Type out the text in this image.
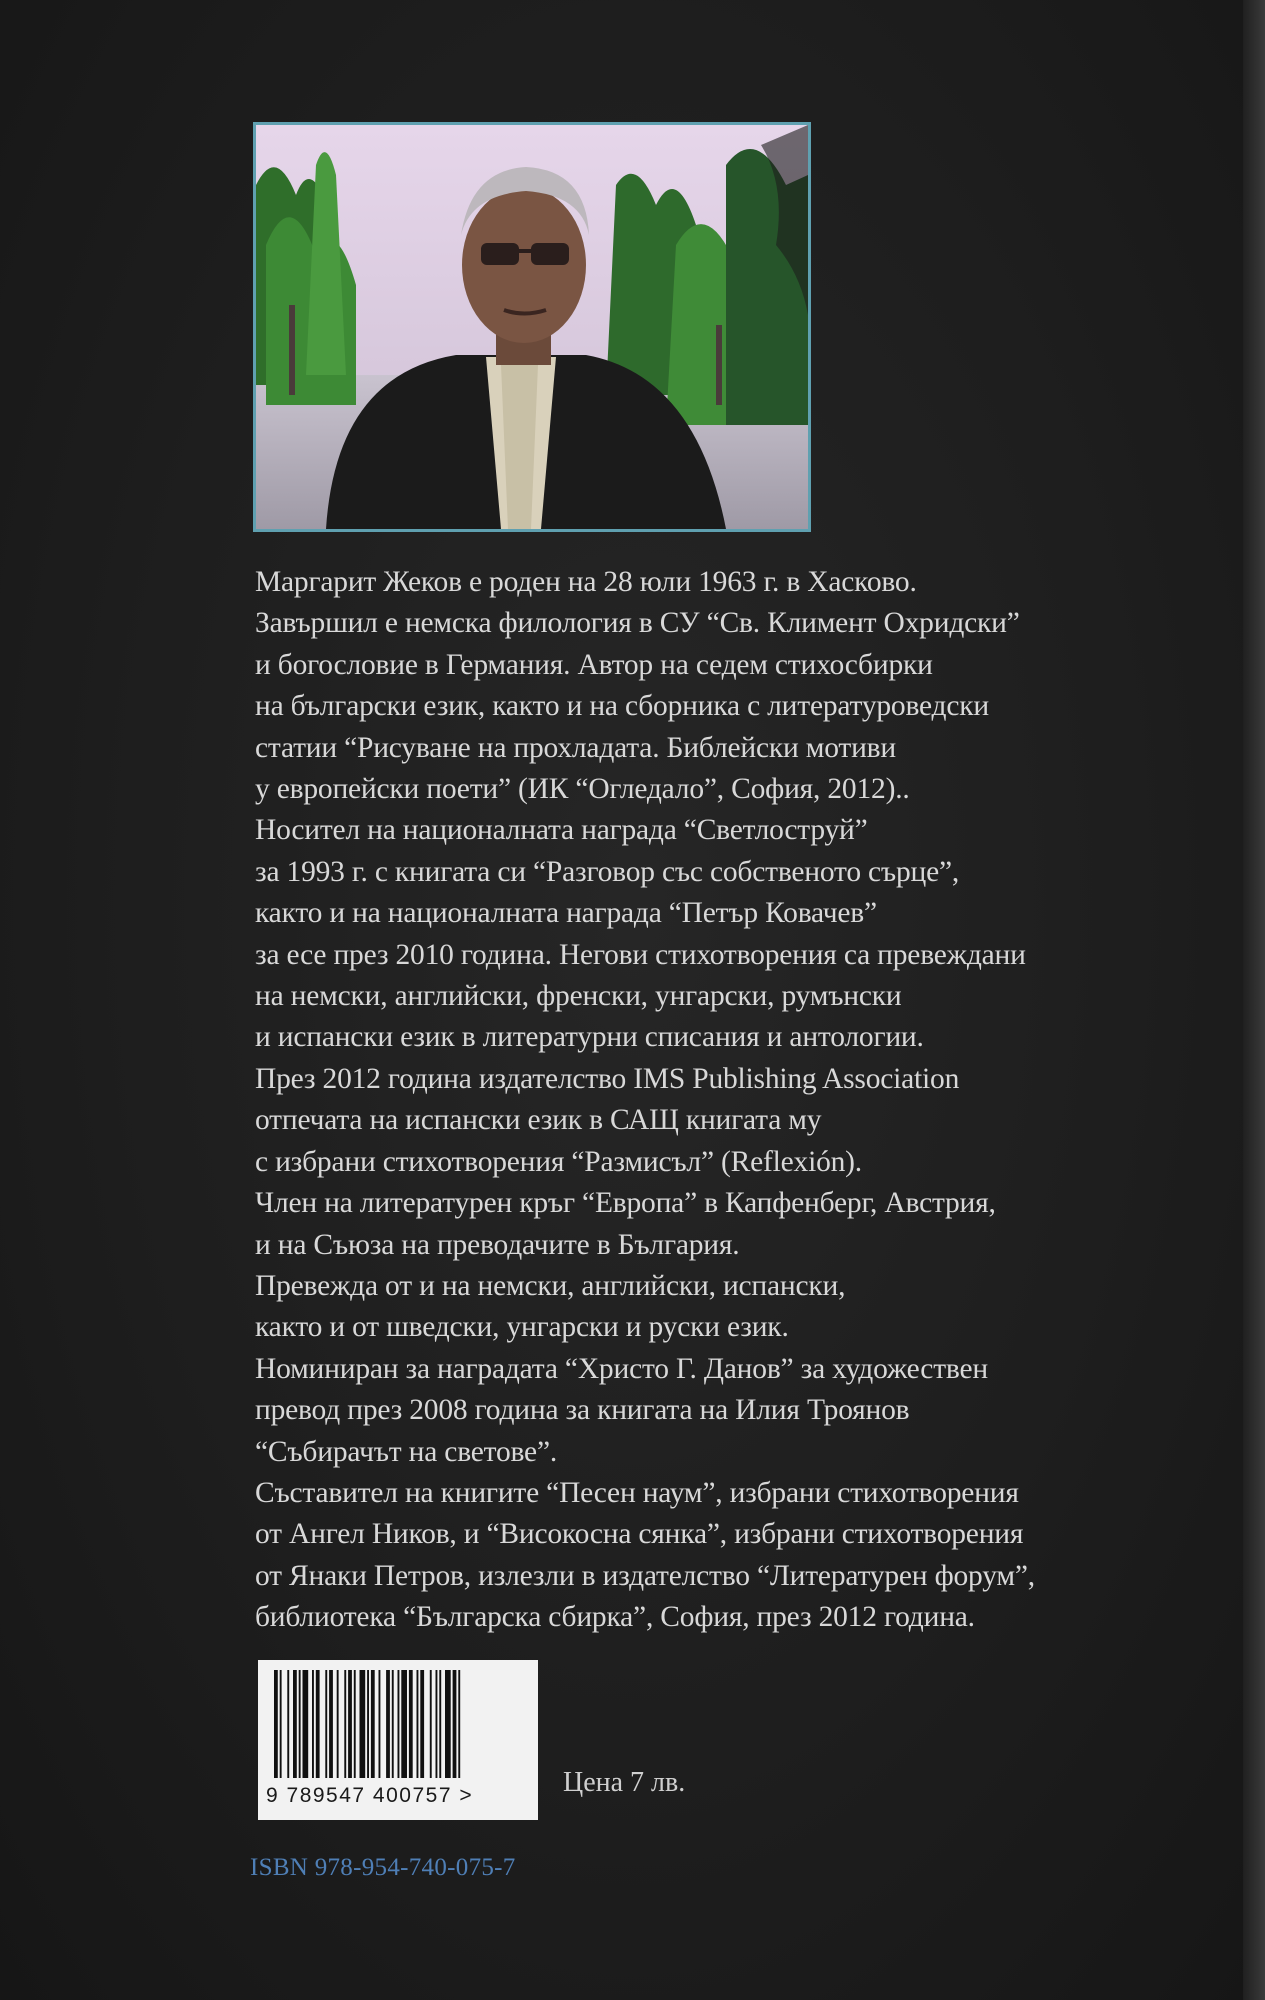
Маргарит Жеков е роден на 28 юли 1963 г. в Хасково.
Завършил е немска филология в СУ “Св. Климент Охридски”
и богословие в Германия. Автор на седем стихосбирки
на български език, както и на сборника с литературоведски
статии “Рисуване на прохладата. Библейски мотиви
у европейски поети” (ИК “Огледало”, София, 2012)..
Носител на националната награда “Светлоструй”
за 1993 г. с книгата си “Разговор със собственото сърце”,
както и на националната награда “Петър Ковачев”
за есе през 2010 година. Негови стихотворения са превеждани
на немски, английски, френски, унгарски, румънски
и испански език в литературни списания и антологии.
През 2012 година издателство IMS Publishing Association
отпечата на испански език в САЩ книгата му
с избрани стихотворения “Размисъл” (Reflexión).
Член на литературен кръг “Европа” в Капфенберг, Австрия,
и на Съюза на преводачите в България.
Превежда от и на немски, английски, испански,
както и от шведски, унгарски и руски език.
Номиниран за наградата “Христо Г. Данов” за художествен
превод през 2008 година за книгата на Илия Троянов
“Събирачът на светове”.
Съставител на книгите “Песен наум”, избрани стихотворения
от Ангел Ников, и “Високосна сянка”, избрани стихотворения
от Янаки Петров, излезли в издателство “Литературен форум”,
библиотека “Българска сбирка”, София, през 2012 година.
9 789547 400757 >	Цена 7 лв.
ISBN 978-954-740-075-7
